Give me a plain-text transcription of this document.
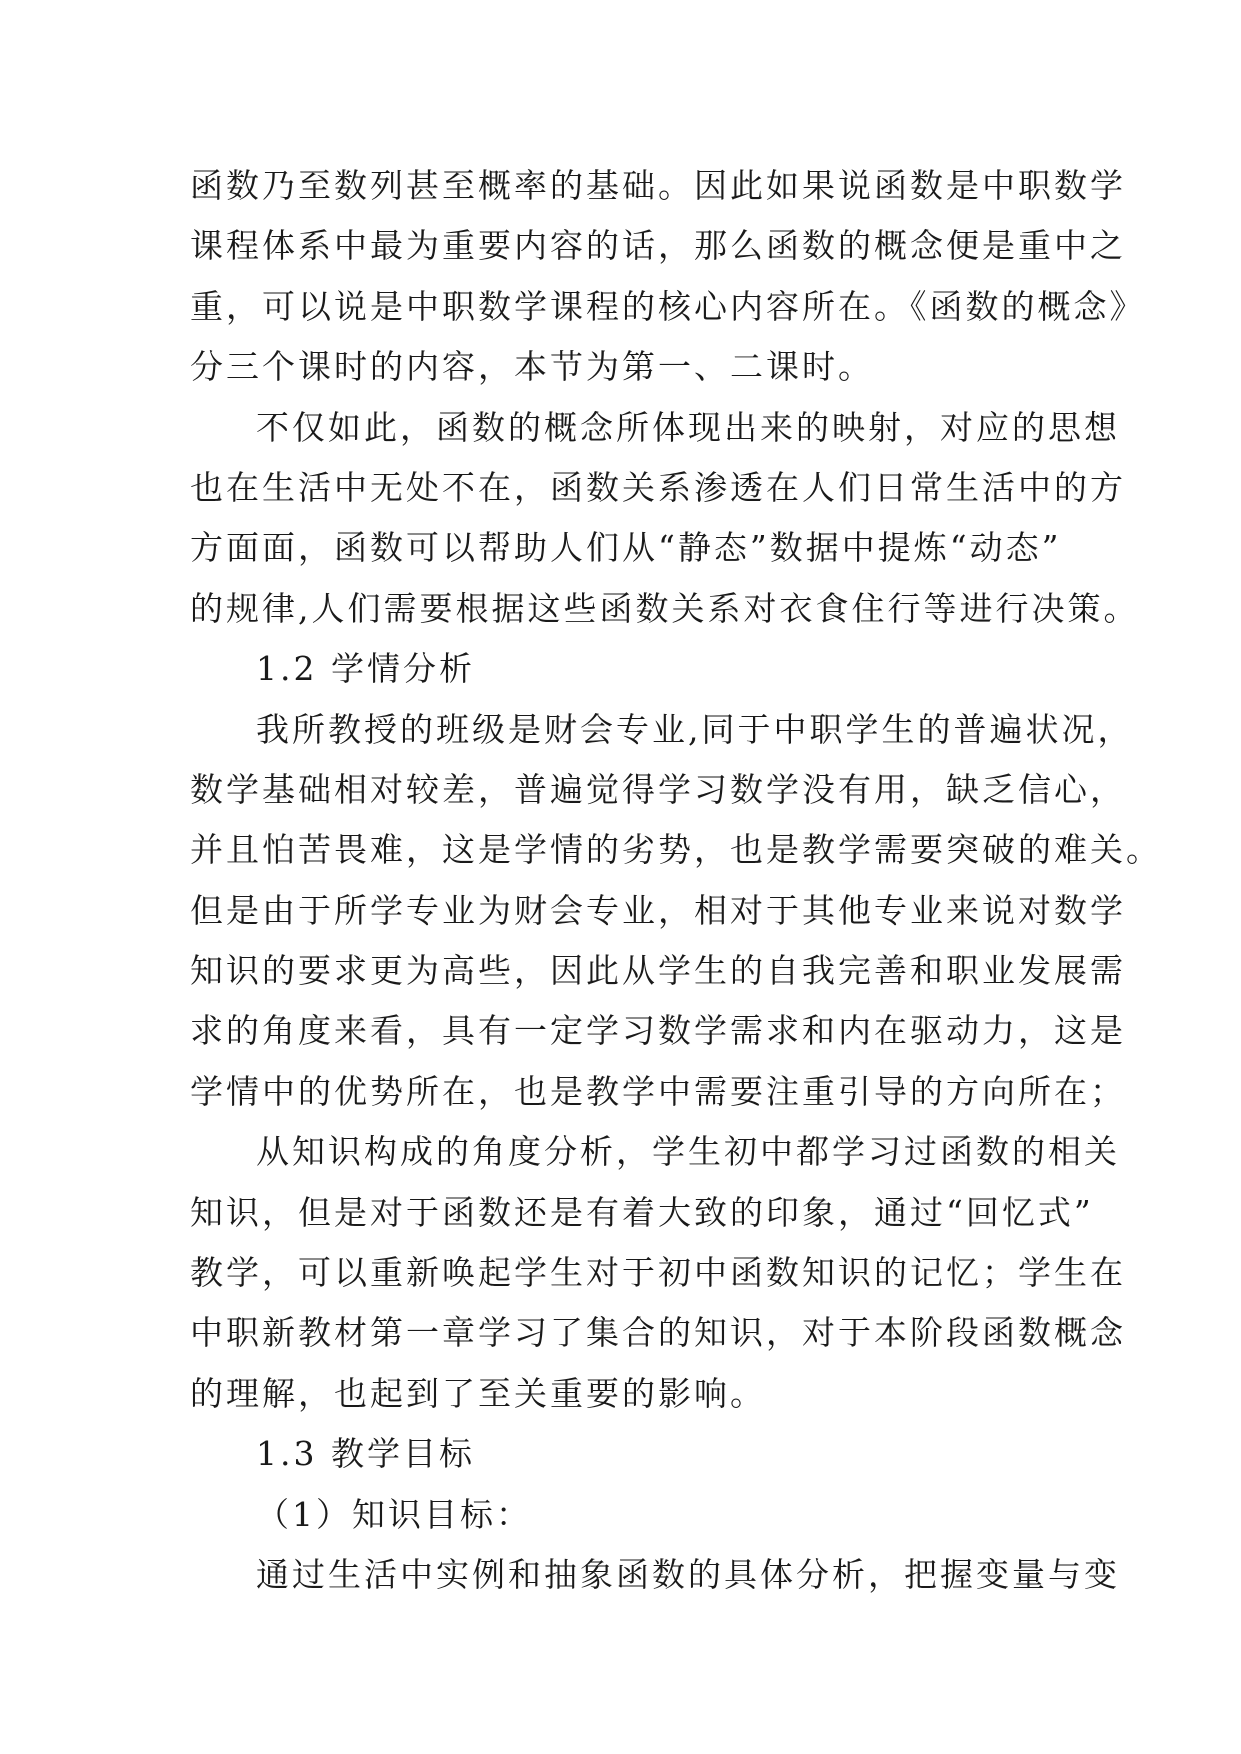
函数乃至数列甚至概率的基础。因此如果说函数是中职数学
课程体系中最为重要内容的话，那么函数的概念便是重中之
重，可以说是中职数学课程的核心内容所在。《函数的概念》
分三个课时的内容，本节为第一、二课时。
不仅如此，函数的概念所体现出来的映射，对应的思想
也在生活中无处不在，函数关系渗透在人们日常生活中的方
方面面，函数可以帮助人们从“静态”数据中提炼“动态”
的规律,人们需要根据这些函数关系对衣食住行等进行决策。
1.2 学情分析
我所教授的班级是财会专业,同于中职学生的普遍状况，
数学基础相对较差，普遍觉得学习数学没有用，缺乏信心，
并且怕苦畏难，这是学情的劣势，也是教学需要突破的难关。
但是由于所学专业为财会专业，相对于其他专业来说对数学
知识的要求更为高些，因此从学生的自我完善和职业发展需
求的角度来看，具有一定学习数学需求和内在驱动力，这是
学情中的优势所在，也是教学中需要注重引导的方向所在；
从知识构成的角度分析，学生初中都学习过函数的相关
知识，但是对于函数还是有着大致的印象，通过“回忆式”
教学，可以重新唤起学生对于初中函数知识的记忆；学生在
中职新教材第一章学习了集合的知识，对于本阶段函数概念
的理解，也起到了至关重要的影响。
1.3 教学目标
（1）知识目标：
通过生活中实例和抽象函数的具体分析，把握变量与变
